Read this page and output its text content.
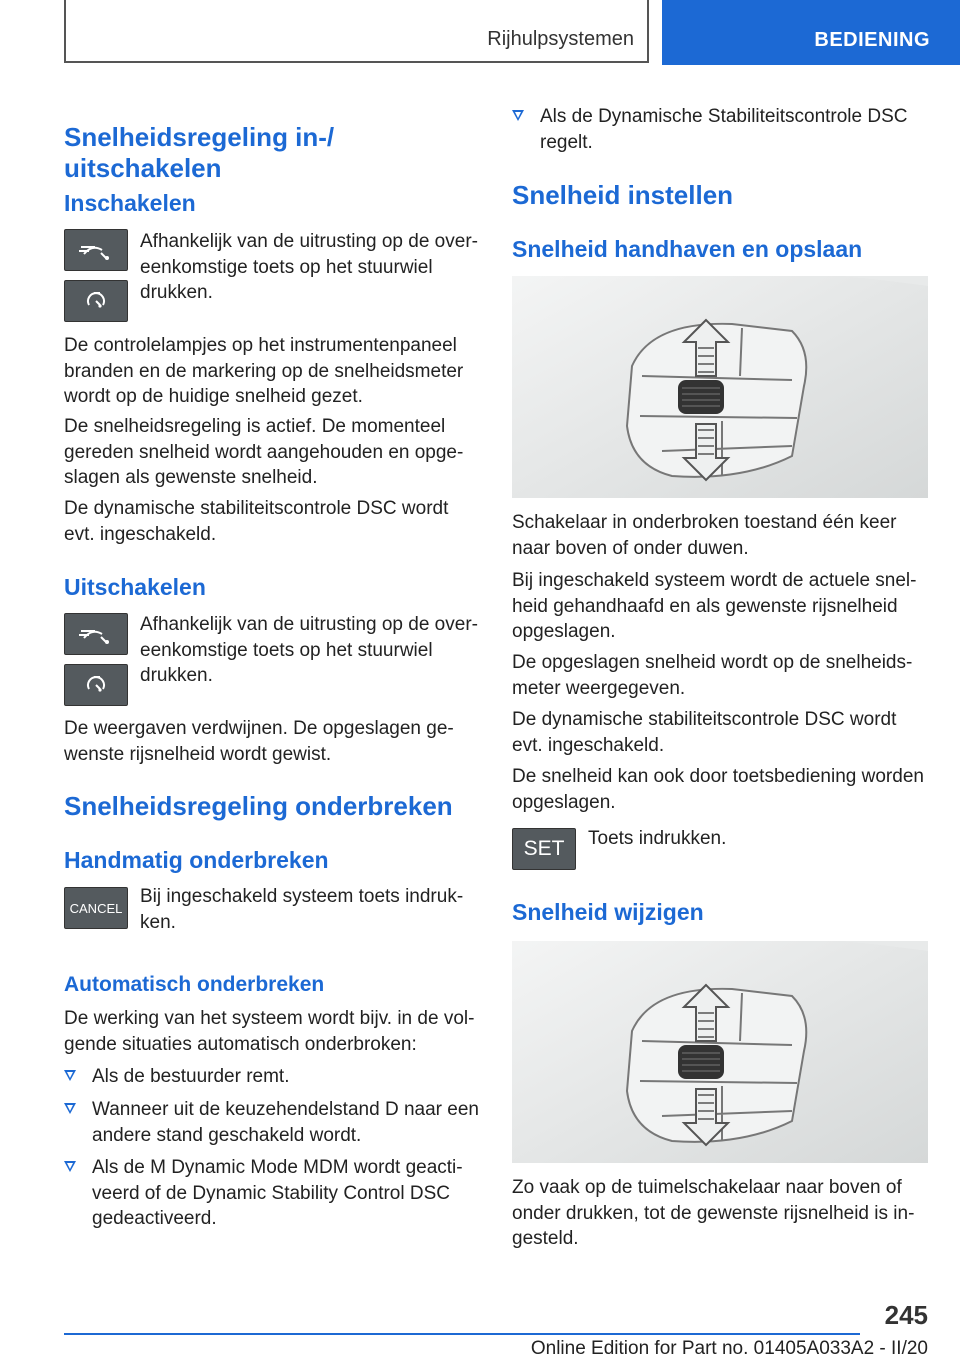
Rijhulpsystemen	BEDIENING

Snelheidsregeling in-/
uitschakelen

Inschakelen
Afhankelijk van de uitrusting op de over-
eenkomstige toets op het stuurwiel
drukken.

De controlelampjes op het instrumentenpaneel branden en de markering op de snelheidsmeter wordt op de huidige snelheid gezet.

De snelheidsregeling is actief. De momenteel gereden snelheid wordt aangehouden en opge-slagen als gewenste snelheid.

De dynamische stabiliteitscontrole DSC wordt evt. ingeschakeld.

Uitschakelen
Afhankelijk van de uitrusting op de over-
eenkomstige toets op het stuurwiel
drukken.

De weergaven verdwijnen. De opgeslagen ge-wenste rijsnelheid wordt gewist.

Snelheidsregeling onderbreken
Handmatig onderbreken
CANCEL
Bij ingeschakeld systeem toets indruk-
ken.
Automatisch onderbreken

De werking van het systeem wordt bijv. in de vol-gende situaties automatisch onderbroken:

Als de bestuurder remt.
Wanneer uit de keuzehendelstand D naar een andere stand geschakeld wordt.
Als de M Dynamic Mode MDM wordt geacti-veerd of de Dynamic Stability Control DSC gedeactiveerd.
Als de Dynamische Stabiliteitscontrole DSC regelt.
Snelheid instellen
Snelheid handhaven en opslaan

Schakelaar in onderbroken toestand één keer naar boven of onder duwen.

Bij ingeschakeld systeem wordt de actuele snel-heid gehandhaafd en als gewenste rijsnelheid opgeslagen.

De opgeslagen snelheid wordt op de snelheids-meter weergegeven.

De dynamische stabiliteitscontrole DSC wordt evt. ingeschakeld.

De snelheid kan ook door toetsbediening worden opgeslagen.

SET Toets indrukken.
Snelheid wijzigen

Zo vaak op de tuimelschakelaar naar boven of onder drukken, tot de gewenste rijsnelheid is in-gesteld.

245
Online Edition for Part no. 01405A033A2 - II/20
